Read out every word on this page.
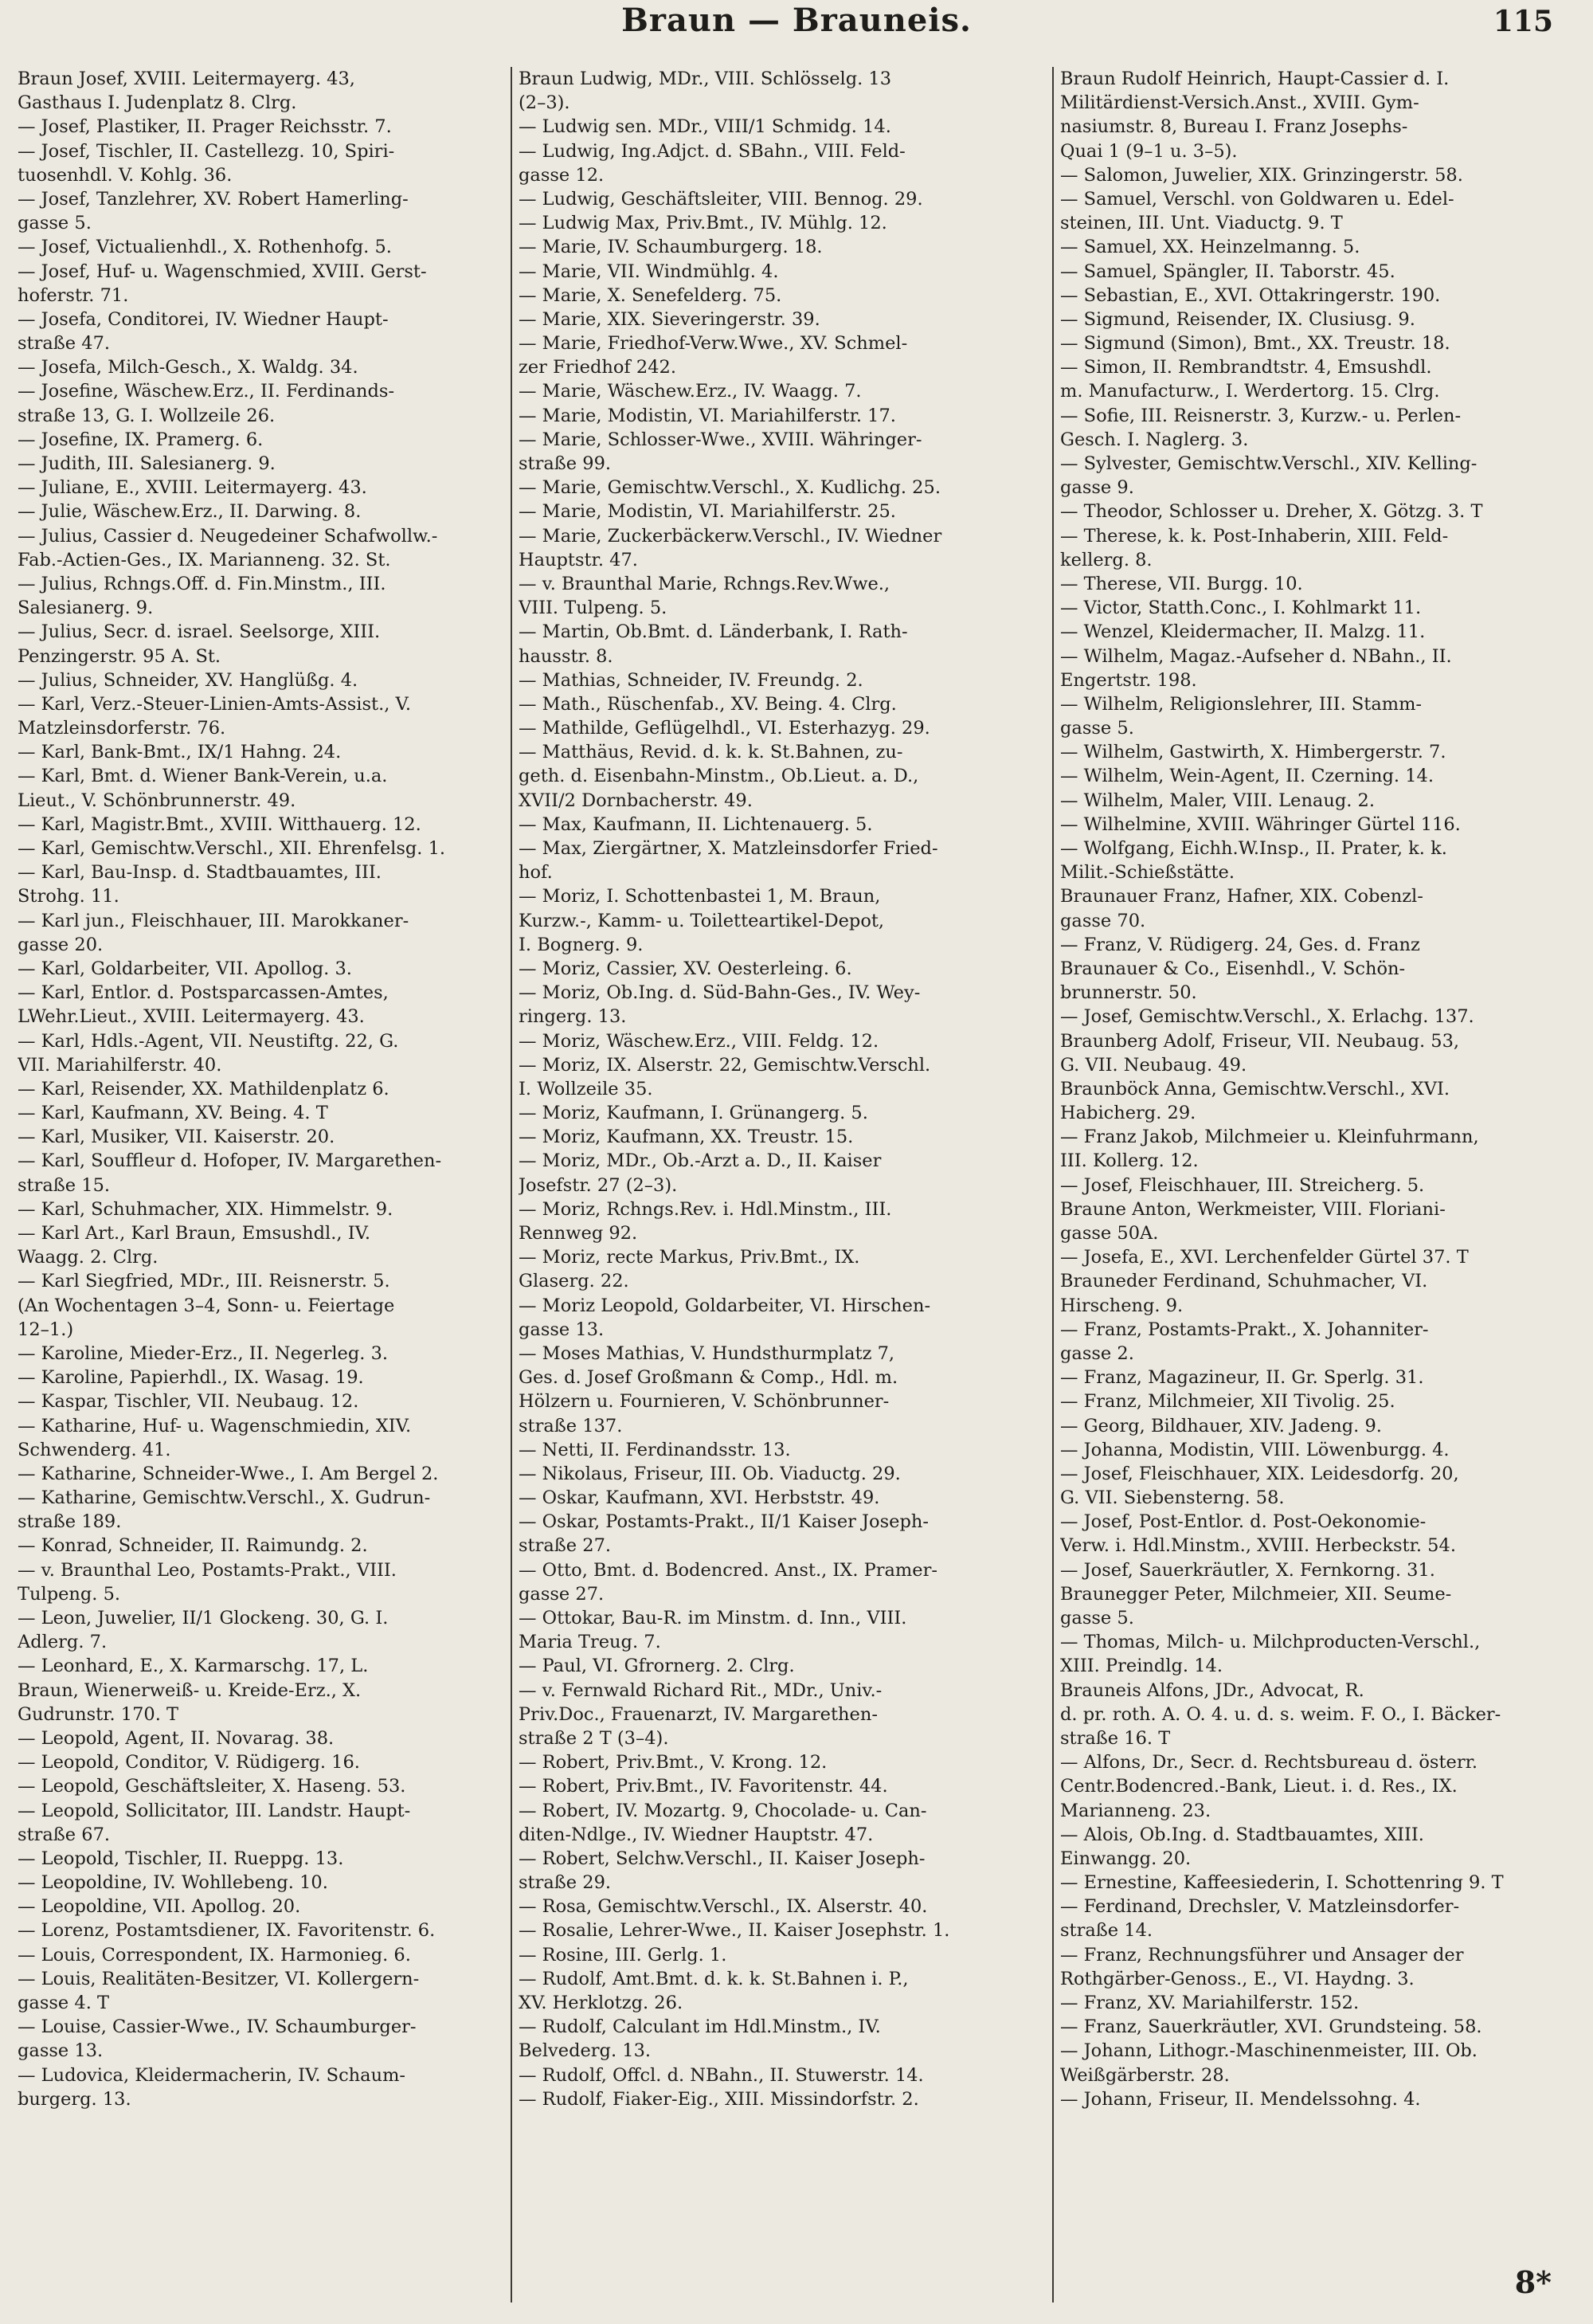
Braun — Brauneis.	115
Braun Josef, XVIII. Leitermayerg. 43,
Gasthaus I. Judenplatz 8. Clrg.
— Josef, Plastiker, II. Prager Reichsstr. 7.
— Josef, Tischler, II. Castellezg. 10, Spiri-
tuosenhdl. V. Kohlg. 36.
— Josef, Tanzlehrer, XV. Robert Hamerling-
gasse 5.
— Josef, Victualienhdl., X. Rothenhofg. 5.
— Josef, Huf- u. Wagenschmied, XVIII. Gerst-
hoferstr. 71.
— Josefa, Conditorei, IV. Wiedner Haupt-
straße 47.
— Josefa, Milch-Gesch., X. Waldg. 34.
— Josefine, Wäschew.Erz., II. Ferdinands-
straße 13, G. I. Wollzeile 26.
— Josefine, IX. Pramerg. 6.
— Judith, III. Salesianerg. 9.
— Juliane, E., XVIII. Leitermayerg. 43.
— Julie, Wäschew.Erz., II. Darwing. 8.
— Julius, Cassier d. Neugedeiner Schafwollw.-
Fab.-Actien-Ges., IX. Marianneng. 32. St.
— Julius, Rchngs.Off. d. Fin.Minstm., III.
Salesianerg. 9.
— Julius, Secr. d. israel. Seelsorge, XIII.
Penzingerstr. 95 A. St.
— Julius, Schneider, XV. Hanglüßg. 4.
— Karl, Verz.-Steuer-Linien-Amts-Assist., V.
Matzleinsdorferstr. 76.
— Karl, Bank-Bmt., IX/1 Hahng. 24.
— Karl, Bmt. d. Wiener Bank-Verein, u.a.
Lieut., V. Schönbrunnerstr. 49.
— Karl, Magistr.Bmt., XVIII. Witthauerg. 12.
— Karl, Gemischtw.Verschl., XII. Ehrenfelsg. 1.
— Karl, Bau-Insp. d. Stadtbauamtes, III.
Strohg. 11.
— Karl jun., Fleischhauer, III. Marokkaner-
gasse 20.
— Karl, Goldarbeiter, VII. Apollog. 3.
— Karl, Entlor. d. Postsparcassen-Amtes,
LWehr.Lieut., XVIII. Leitermayerg. 43.
— Karl, Hdls.-Agent, VII. Neustiftg. 22, G.
VII. Mariahilferstr. 40.
— Karl, Reisender, XX. Mathildenplatz 6.
— Karl, Kaufmann, XV. Being. 4. T
— Karl, Musiker, VII. Kaiserstr. 20.
— Karl, Souffleur d. Hofoper, IV. Margarethen-
straße 15.
— Karl, Schuhmacher, XIX. Himmelstr. 9.
— Karl Art., Karl Braun, Emsushdl., IV.
Waagg. 2. Clrg.
— Karl Siegfried, MDr., III. Reisnerstr. 5.
(An Wochentagen 3–4, Sonn- u. Feiertage
12–1.)
— Karoline, Mieder-Erz., II. Negerleg. 3.
— Karoline, Papierhdl., IX. Wasag. 19.
— Kaspar, Tischler, VII. Neubaug. 12.
— Katharine, Huf- u. Wagenschmiedin, XIV.
Schwenderg. 41.
— Katharine, Schneider-Wwe., I. Am Bergel 2.
— Katharine, Gemischtw.Verschl., X. Gudrun-
straße 189.
— Konrad, Schneider, II. Raimundg. 2.
— v. Braunthal Leo, Postamts-Prakt., VIII.
Tulpeng. 5.
— Leon, Juwelier, II/1 Glockeng. 30, G. I.
Adlerg. 7.
— Leonhard, E., X. Karmarschg. 17, L.
Braun, Wienerweiß- u. Kreide-Erz., X.
Gudrunstr. 170. T
— Leopold, Agent, II. Novarag. 38.
— Leopold, Conditor, V. Rüdigerg. 16.
— Leopold, Geschäftsleiter, X. Haseng. 53.
— Leopold, Sollicitator, III. Landstr. Haupt-
straße 67.
— Leopold, Tischler, II. Rueppg. 13.
— Leopoldine, IV. Wohllebeng. 10.
— Leopoldine, VII. Apollog. 20.
— Lorenz, Postamtsdiener, IX. Favoritenstr. 6.
— Louis, Correspondent, IX. Harmonieg. 6.
— Louis, Realitäten-Besitzer, VI. Kollergern-
gasse 4. T
— Louise, Cassier-Wwe., IV. Schaumburger-
gasse 13.
— Ludovica, Kleidermacherin, IV. Schaum-
burgerg. 13.
Braun Ludwig, MDr., VIII. Schlösselg. 13
(2–3).
— Ludwig sen. MDr., VIII/1 Schmidg. 14.
— Ludwig, Ing.Adjct. d. SBahn., VIII. Feld-
gasse 12.
— Ludwig, Geschäftsleiter, VIII. Bennog. 29.
— Ludwig Max, Priv.Bmt., IV. Mühlg. 12.
— Marie, IV. Schaumburgerg. 18.
— Marie, VII. Windmühlg. 4.
— Marie, X. Senefelderg. 75.
— Marie, XIX. Sieveringerstr. 39.
— Marie, Friedhof-Verw.Wwe., XV. Schmel-
zer Friedhof 242.
— Marie, Wäschew.Erz., IV. Waagg. 7.
— Marie, Modistin, VI. Mariahilferstr. 17.
— Marie, Schlosser-Wwe., XVIII. Währinger-
straße 99.
— Marie, Gemischtw.Verschl., X. Kudlichg. 25.
— Marie, Modistin, VI. Mariahilferstr. 25.
— Marie, Zuckerbäckerw.Verschl., IV. Wiedner
Hauptstr. 47.
— v. Braunthal Marie, Rchngs.Rev.Wwe.,
VIII. Tulpeng. 5.
— Martin, Ob.Bmt. d. Länderbank, I. Rath-
hausstr. 8.
— Mathias, Schneider, IV. Freundg. 2.
— Math., Rüschenfab., XV. Being. 4. Clrg.
— Mathilde, Geflügelhdl., VI. Esterhazyg. 29.
— Matthäus, Revid. d. k. k. St.Bahnen, zu-
geth. d. Eisenbahn-Minstm., Ob.Lieut. a. D.,
XVII/2 Dornbacherstr. 49.
— Max, Kaufmann, II. Lichtenauerg. 5.
— Max, Ziergärtner, X. Matzleinsdorfer Fried-
hof.
— Moriz, I. Schottenbastei 1, M. Braun,
Kurzw.-, Kamm- u. Toiletteartikel-Depot,
I. Bognerg. 9.
— Moriz, Cassier, XV. Oesterleing. 6.
— Moriz, Ob.Ing. d. Süd-Bahn-Ges., IV. Wey-
ringerg. 13.
— Moriz, Wäschew.Erz., VIII. Feldg. 12.
— Moriz, IX. Alserstr. 22, Gemischtw.Verschl.
I. Wollzeile 35.
— Moriz, Kaufmann, I. Grünangerg. 5.
— Moriz, Kaufmann, XX. Treustr. 15.
— Moriz, MDr., Ob.-Arzt a. D., II. Kaiser
Josefstr. 27 (2–3).
— Moriz, Rchngs.Rev. i. Hdl.Minstm., III.
Rennweg 92.
— Moriz, recte Markus, Priv.Bmt., IX.
Glaserg. 22.
— Moriz Leopold, Goldarbeiter, VI. Hirschen-
gasse 13.
— Moses Mathias, V. Hundsthurmplatz 7,
Ges. d. Josef Großmann & Comp., Hdl. m.
Hölzern u. Fournieren, V. Schönbrunner-
straße 137.
— Netti, II. Ferdinandsstr. 13.
— Nikolaus, Friseur, III. Ob. Viaductg. 29.
— Oskar, Kaufmann, XVI. Herbststr. 49.
— Oskar, Postamts-Prakt., II/1 Kaiser Joseph-
straße 27.
— Otto, Bmt. d. Bodencred. Anst., IX. Pramer-
gasse 27.
— Ottokar, Bau-R. im Minstm. d. Inn., VIII.
Maria Treug. 7.
— Paul, VI. Gfrornerg. 2. Clrg.
— v. Fernwald Richard Rit., MDr., Univ.-
Priv.Doc., Frauenarzt, IV. Margarethen-
straße 2 T (3–4).
— Robert, Priv.Bmt., V. Krong. 12.
— Robert, Priv.Bmt., IV. Favoritenstr. 44.
— Robert, IV. Mozartg. 9, Chocolade- u. Can-
diten-Ndlge., IV. Wiedner Hauptstr. 47.
— Robert, Selchw.Verschl., II. Kaiser Joseph-
straße 29.
— Rosa, Gemischtw.Verschl., IX. Alserstr. 40.
— Rosalie, Lehrer-Wwe., II. Kaiser Josephstr. 1.
— Rosine, III. Gerlg. 1.
— Rudolf, Amt.Bmt. d. k. k. St.Bahnen i. P.,
XV. Herklotzg. 26.
— Rudolf, Calculant im Hdl.Minstm., IV.
Belvederg. 13.
— Rudolf, Offcl. d. NBahn., II. Stuwerstr. 14.
— Rudolf, Fiaker-Eig., XIII. Missindorfstr. 2.
Braun Rudolf Heinrich, Haupt-Cassier d. I.
Militärdienst-Versich.Anst., XVIII. Gym-
nasiumstr. 8, Bureau I. Franz Josephs-
Quai 1 (9–1 u. 3–5).
— Salomon, Juwelier, XIX. Grinzingerstr. 58.
— Samuel, Verschl. von Goldwaren u. Edel-
steinen, III. Unt. Viaductg. 9. T
— Samuel, XX. Heinzelmanng. 5.
— Samuel, Spängler, II. Taborstr. 45.
— Sebastian, E., XVI. Ottakringerstr. 190.
— Sigmund, Reisender, IX. Clusiusg. 9.
— Sigmund (Simon), Bmt., XX. Treustr. 18.
— Simon, II. Rembrandtstr. 4, Emsushdl.
m. Manufacturw., I. Werdertorg. 15. Clrg.
— Sofie, III. Reisnerstr. 3, Kurzw.- u. Perlen-
Gesch. I. Naglerg. 3.
— Sylvester, Gemischtw.Verschl., XIV. Kelling-
gasse 9.
— Theodor, Schlosser u. Dreher, X. Götzg. 3. T
— Therese, k. k. Post-Inhaberin, XIII. Feld-
kellerg. 8.
— Therese, VII. Burgg. 10.
— Victor, Statth.Conc., I. Kohlmarkt 11.
— Wenzel, Kleidermacher, II. Malzg. 11.
— Wilhelm, Magaz.-Aufseher d. NBahn., II.
Engertstr. 198.
— Wilhelm, Religionslehrer, III. Stamm-
gasse 5.
— Wilhelm, Gastwirth, X. Himbergerstr. 7.
— Wilhelm, Wein-Agent, II. Czerning. 14.
— Wilhelm, Maler, VIII. Lenaug. 2.
— Wilhelmine, XVIII. Währinger Gürtel 116.
— Wolfgang, Eichh.W.Insp., II. Prater, k. k.
Milit.-Schießstätte.
Braunauer Franz, Hafner, XIX. Cobenzl-
gasse 70.
— Franz, V. Rüdigerg. 24, Ges. d. Franz
Braunauer & Co., Eisenhdl., V. Schön-
brunnerstr. 50.
— Josef, Gemischtw.Verschl., X. Erlachg. 137.
Braunberg Adolf, Friseur, VII. Neubaug. 53,
G. VII. Neubaug. 49.
Braunböck Anna, Gemischtw.Verschl., XVI.
Habicherg. 29.
— Franz Jakob, Milchmeier u. Kleinfuhrmann,
III. Kollerg. 12.
— Josef, Fleischhauer, III. Streicherg. 5.
Braune Anton, Werkmeister, VIII. Floriani-
gasse 50A.
— Josefa, E., XVI. Lerchenfelder Gürtel 37. T
Brauneder Ferdinand, Schuhmacher, VI.
Hirscheng. 9.
— Franz, Postamts-Prakt., X. Johanniter-
gasse 2.
— Franz, Magazineur, II. Gr. Sperlg. 31.
— Franz, Milchmeier, XII Tivolig. 25.
— Georg, Bildhauer, XIV. Jadeng. 9.
— Johanna, Modistin, VIII. Löwenburgg. 4.
— Josef, Fleischhauer, XIX. Leidesdorfg. 20,
G. VII. Siebensterng. 58.
— Josef, Post-Entlor. d. Post-Oekonomie-
Verw. i. Hdl.Minstm., XVIII. Herbeckstr. 54.
— Josef, Sauerkräutler, X. Fernkorng. 31.
Braunegger Peter, Milchmeier, XII. Seume-
gasse 5.
— Thomas, Milch- u. Milchproducten-Verschl.,
XIII. Preindlg. 14.
Brauneis Alfons, JDr., Advocat, R.
d. pr. roth. A. O. 4. u. d. s. weim. F. O., I. Bäcker-
straße 16. T
— Alfons, Dr., Secr. d. Rechtsbureau d. österr.
Centr.Bodencred.-Bank, Lieut. i. d. Res., IX.
Marianneng. 23.
— Alois, Ob.Ing. d. Stadtbauamtes, XIII.
Einwangg. 20.
— Ernestine, Kaffeesiederin, I. Schottenring 9. T
— Ferdinand, Drechsler, V. Matzleinsdorfer-
straße 14.
— Franz, Rechnungsführer und Ansager der
Rothgärber-Genoss., E., VI. Haydng. 3.
— Franz, XV. Mariahilferstr. 152.
— Franz, Sauerkräutler, XVI. Grundsteing. 58.
— Johann, Lithogr.-Maschinenmeister, III. Ob.
Weißgärberstr. 28.
— Johann, Friseur, II. Mendelssohng. 4.
8*
